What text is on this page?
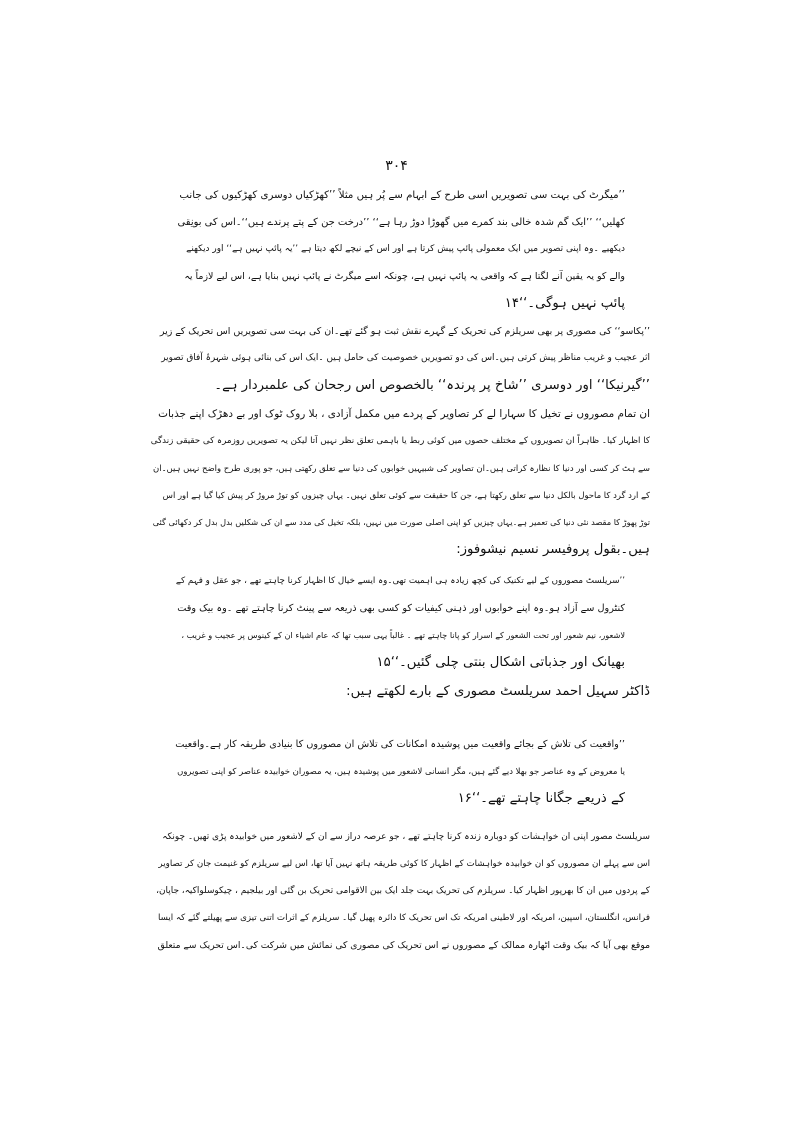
۳۰۴
’’میگرٹ کی بہت سی تصویریں اسی طرح کے ابہام سے پُر ہیں مثلاً ’’کھڑکیاں دوسری کھڑکیوں کی جانب
کھلیں‘‘ ’’ایک گم شدہ خالی بند کمرے میں گھوڑا دوڑ رہا ہے‘‘ ’’درخت جن کے پتے پرندے ہیں‘‘۔اس کی بونِقی
دیکھیے ۔وہ اپنی تصویر میں ایک معمولی پائپ پیش کرتا ہے اور اس کے نیچے لکھ دیتا ہے ’’یہ پائپ نہیں ہے‘‘ اور دیکھنے
والے کو یہ یقین آنے لگتا ہے کہ واقعی یہ پائپ نہیں ہے، چونکہ اسے میگرٹ نے پائپ نہیں بنایا ہے، اس لیے لازماً یہ
پائپ نہیں ہوگی۔‘‘۱۴
’’پکاسو‘‘ کی مصوری پر بھی سریلزم کی تحریک کے گہرے نقش ثبت ہو گئے تھے۔ان کی بہت سی تصویریں اس تحریک کے زیر
اثر عجیب و غریب مناظر پیش کرتی ہیں۔اس کی دو تصویریں خصوصیت کی حامل ہیں ۔ایک اس کی بنائی ہوئی شہرۂ آفاق تصویر
’’گیرنیکا‘‘ اور دوسری ’’شاخ پر پرندہ‘‘ بالخصوص اس رجحان کی علمبردار ہے۔
ان تمام مصوروں نے تخیل کا سہارا لے کر تصاویر کے پردے میں مکمل آزادی ، بلا روک ٹوک اور بے دھڑک اپنے جذبات
کا اظہار کیا۔ ظاہراً ان تصویروں کے مختلف حصوں میں کوئی ربط یا باہمی تعلق نظر نہیں آتا لیکن یہ تصویریں روزمرہ کی حقیقی زندگی
سے ہٹ کر کسی اور دنیا کا نظارہ کراتی ہیں۔ان تصاویر کی شبیہیں خوابوں کی دنیا سے تعلق رکھتی ہیں، جو پوری طرح واضح نہیں ہیں۔ان
کے ارد گرد کا ماحول بالکل دنیا سے تعلق رکھتا ہے، جن کا حقیقت سے کوئی تعلق نہیں۔ یہاں چیزوں کو توڑ مروڑ کر پیش کیا گیا ہے اور اس
توڑ پھوڑ کا مقصد نئی دنیا کی تعمیر ہے۔یہاں چیزیں کو اپنی اصلی صورت میں نہیں، بلکہ تخیل کی مدد سے ان کی شکلیں بدل بدل کر دکھائی گئی
ہیں۔بقول پروفیسر نسیم نیشوفوز:
’’سریلسٹ مصوروں کے لیے تکنیک کی کچھ زیادہ ہی اہمیت تھی۔وہ ایسے خیال کا اظہار کرنا چاہتے تھے ، جو عقل و فہم کے
کنٹرول سے آزاد ہو۔وہ اپنے خوابوں اور ذہنی کیفیات کو کسی بھی ذریعہ سے پینٹ کرنا چاہتے تھے ۔وہ بیک وقت
لاشعور، نیم شعور اور تحت الشعور کے اسرار کو پانا چاہتے تھے ۔ غالباً یہی سبب تھا کہ عام اشیاء ان کے کینوس پر عجیب و غریب ،
بھیانک اور جذباتی اشکال بنتی چلی گئیں۔‘‘۱۵
ڈاکٹر سہیل احمد سریلسٹ مصوری کے بارے لکھتے ہیں:
’’واقعیت کی تلاش کے بجائے واقعیت میں پوشیدہ امکانات کی تلاش ان مصوروں کا بنیادی طریقہ کار ہے۔واقعیت
یا معروض کے وہ عناصر جو بھلا دیے گئے ہیں، مگر انسانی لاشعور میں پوشیدہ ہیں، یہ مصوران خوابیدہ عناصر کو اپنی تصویروں
کے ذریعے جگانا چاہتے تھے۔‘‘۱۶
سریلسٹ مصور اپنی ان خواہشات کو دوبارہ زندہ کرنا چاہتے تھے ، جو عرصہ دراز سے ان کے لاشعور میں خوابیدہ پڑی تھیں۔ چونکہ
اس سے پہلے ان مصوروں کو ان خوابیدہ خواہشات کے اظہار کا کوئی طریقہ ہاتھ نہیں آیا تھا، اس لیے سریلزم کو غنیمت جان کر تصاویر
کے پردوں میں ان کا بھرپور اظہار کیا۔ سریلزم کی تحریک بہت جلد ایک بین الاقوامی تحریک بن گئی اور بیلجیم ، چیکوسلواکیہ، جاپان،
فرانس، انگلستان، اسپین، امریکہ اور لاطینی امریکہ تک اس تحریک کا دائرہ پھیل گیا۔ سریلزم کے اثرات اتنی تیزی سے پھیلتے گئے کہ ایسا
موقع بھی آیا کہ بیک وقت اٹھارہ ممالک کے مصوروں نے اس تحریک کی مصوری کی نمائش میں شرکت کی۔اس تحریک سے متعلق
